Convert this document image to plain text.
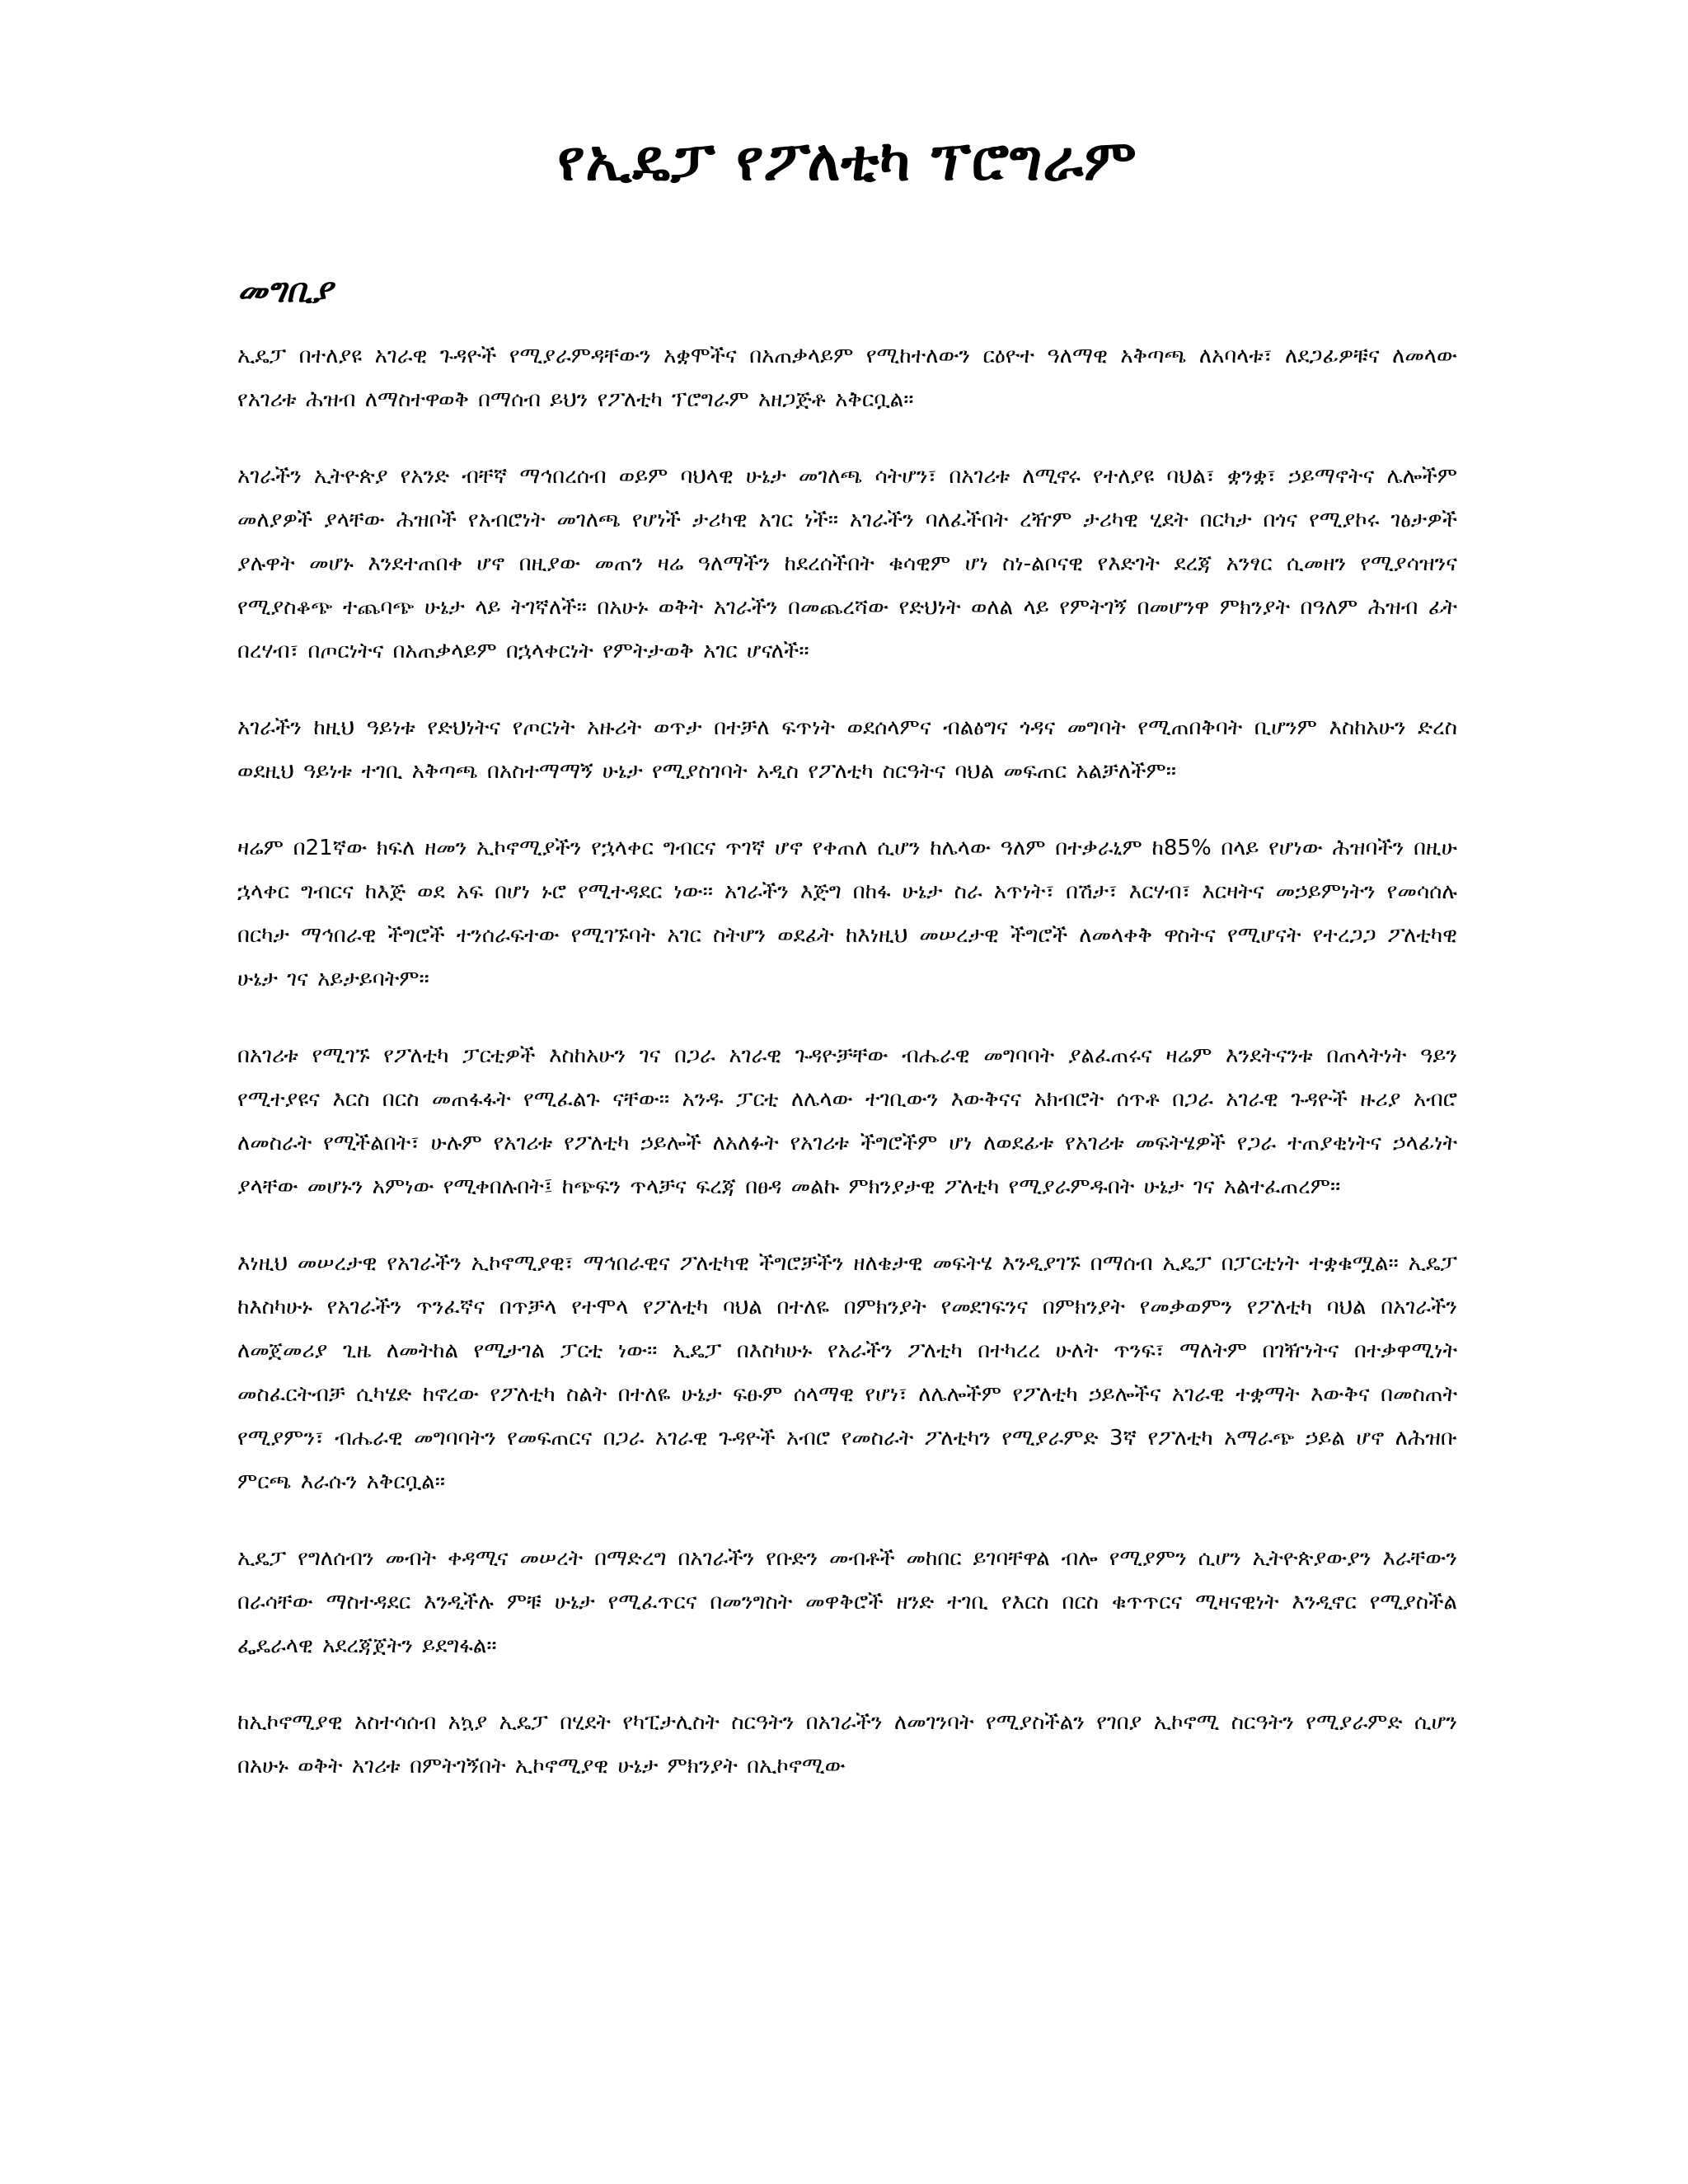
የኢዴፓ የፖለቲካ ፕሮግራም
መግቢያ

ኢዴፓ በተለያዩ አገራዊ ጉዳዮች የሚያራምዳቸውን አቋሞችና በአጠቃላይም የሚከተለውን ርዕዮተ ዓለማዊ አቅጣጫ ለአባላቱ፣ ለደጋፊዎቹና ለመላው የአገሪቱ ሕዝብ ለማስተዋወቅ በማሰብ ይህን የፖለቲካ ፕሮግራም አዘጋጅቶ አቅርቧል፡፡

አገራችን ኢትዮጵያ የአንድ ብቸኛ ማኅበረሰብ ወይም ባህላዊ ሁኔታ መገለጫ ሳትሆን፣ በአገሪቱ ለሚኖሩ የተለያዩ ባህል፣ ቋንቋ፣ ኃይማኖትና ሌሎችም መለያዎች ያላቸው ሕዝቦች የአብሮነት መገለጫ የሆነች ታሪካዊ አገር ነች፡፡ አገራችን ባለፈችበት ረዥም ታሪካዊ ሂደት በርካታ በጎና የሚያኮሩ ገፅታዎች ያሉዋት መሆኑ እንደተጠበቀ ሆኖ በዚያው መጠን ዛሬ ዓለማችን ከደረሰችበት ቁሳዊም ሆነ ስነ-ልቦናዊ የእድገት ደረጃ አንፃር ሲመዘን የሚያሳዝንና የሚያስቆጭ ተጨባጭ ሁኔታ ላይ ትገኛለች፡፡ በአሁኑ ወቅት አገራችን በመጨረሻው የድህነት ወለል ላይ የምትገኝ በመሆንዋ ምክንያት በዓለም ሕዝብ ፊት በረሃብ፣ በጦርነትና በአጠቃላይም በኋላቀርነት የምትታወቅ አገር ሆናለች፡፡

አገራችን ከዚህ ዓይነቱ የድህነትና የጦርነት አዙሪት ወጥታ በተቻለ ፍጥነት ወደሰላምና ብልፅግና ጎዳና መግባት የሚጠበቅባት ቢሆንም እስከአሁን ድረስ ወደዚህ ዓይነቱ ተገቢ አቅጣጫ በአስተማማኝ ሁኔታ የሚያስገባት አዲስ የፖለቲካ ስርዓትና ባህል መፍጠር አልቻለችም፡፡

ዛሬም በ21ኛው ክፍለ ዘመን ኢኮኖሚያችን የኋላቀር ግብርና ጥገኛ ሆኖ የቀጠለ ሲሆን ከሌላው ዓለም በተቃራኒም ከ85% በላይ የሆነው ሕዝባችን በዚሁ ኋላቀር ግብርና ከእጅ ወደ አፍ በሆነ ኑሮ የሚተዳደር ነው፡፡ አገራችን እጅግ በከፋ ሁኔታ ስራ አጥነት፣ በሽታ፣ እርሃብ፣ እርዛትና መኃይምነትን የመሳሰሉ በርካታ ማኅበራዊ ችግሮች ተንሰራፍተው የሚገኙባት አገር ስትሆን ወደፊት ከእነዚህ መሠረታዊ ችግሮች ለመላቀቅ ዋስትና የሚሆናት የተረጋጋ ፖለቲካዊ ሁኔታ ገና አይታይባትም፡፡

በአገሪቱ የሚገኙ የፖለቲካ ፓርቲዎች እስከአሁን ገና በጋራ አገራዊ ጉዳዮቻቸው ብሔራዊ መግባባት ያልፈጠሩና ዛሬም እንደትናንቱ በጠላትነት ዓይን የሚተያዩና እርስ በርስ መጠፋፋት የሚፈልጉ ናቸው፡፡ አንዱ ፓርቲ ለሌላው ተገቢውን እውቅናና አክብሮት ሰጥቶ በጋራ አገራዊ ጉዳዮች ዙሪያ አብሮ ለመስራት የሚችልበት፣ ሁሉም የአገሪቱ የፖለቲካ ኃይሎች ለአለፉት የአገሪቱ ችግሮችም ሆነ ለወደፊቱ የአገሪቱ መፍትሄዎች የጋራ ተጠያቂነትና ኃላፊነት ያላቸው መሆኑን አምነው የሚቀበሉበት፤ ከጭፍን ጥላቻና ፍረጃ በፀዳ መልኩ ምክንያታዊ ፖለቲካ የሚያራምዱበት ሁኔታ ገና አልተፈጠረም፡፡

እነዚህ መሠረታዊ የአገራችን ኢኮኖሚያዊ፣ ማኅበራዊና ፖለቲካዊ ችግሮቻችን ዘለቄታዊ መፍትሄ እንዲያገኙ በማሰብ ኢዴፓ በፓርቲነት ተቋቁሟል፡፡ ኢዴፓ ከእስካሁኑ የአገራችን ጥንፈኛና በጥቻላ የተሞላ የፖለቲካ ባህል በተለዬ በምክንያት የመደገፍንና በምክንያት የመቃወምን የፖለቲካ ባህል በአገራችን ለመጀመሪያ ጊዜ ለመትከል የሚታገል ፓርቲ ነው፡፡ ኢዴፓ በእስካሁኑ የአራችን ፖለቲካ በተካረረ ሁለት ጥንፍ፣ ማለትም በገዥነትና በተቃዋሚነት መስፈርትብቻ ሲካሄድ ከኖረው የፖለቲካ ስልት በተለዬ ሁኔታ ፍፁም ሰላማዊ የሆነ፣ ለሌሎችም የፖለቲካ ኃይሎችና አገራዊ ተቋማት እውቅና በመስጠት የሚያምን፣ ብሔራዊ መግባባትን የመፍጠርና በጋራ አገራዊ ጉዳዮች አብሮ የመስራት ፖለቲካን የሚያራምድ 3ኛ የፖለቲካ አማራጭ ኃይል ሆኖ ለሕዝቡ ምርጫ እራሱን አቅርቧል፡፡

ኢዴፓ የግለሰብን መብት ቀዳሚና መሠረት በማድረግ በአገራችን የቡድን መብቶች መከበር ይገባቸዋል ብሎ የሚያምን ሲሆን ኢትዮጵያውያን እራቸውን በራሳቸው ማስተዳደር እንዲችሉ ምቹ ሁኔታ የሚፈጥርና በመንግስት መዋቅሮች ዘንድ ተገቢ የእርስ በርስ ቁጥጥርና ሚዛናዊነት እንዲኖር የሚያስችል ፌዴራላዊ አደረጃጀትን ይደግፋል፡፡

ከኢኮኖሚያዊ አስተሳሰብ አኳያ ኢዴፓ በሂደት የካፒታሊስት ስርዓትን በአገራችን ለመገንባት የሚያስችልን የገበያ ኢኮኖሚ ስርዓትን የሚያራምድ ሲሆን በአሁኑ ወቅት አገሪቱ በምትገኝበት ኢኮኖሚያዊ ሁኔታ ምክንያት በኢኮኖሚው
